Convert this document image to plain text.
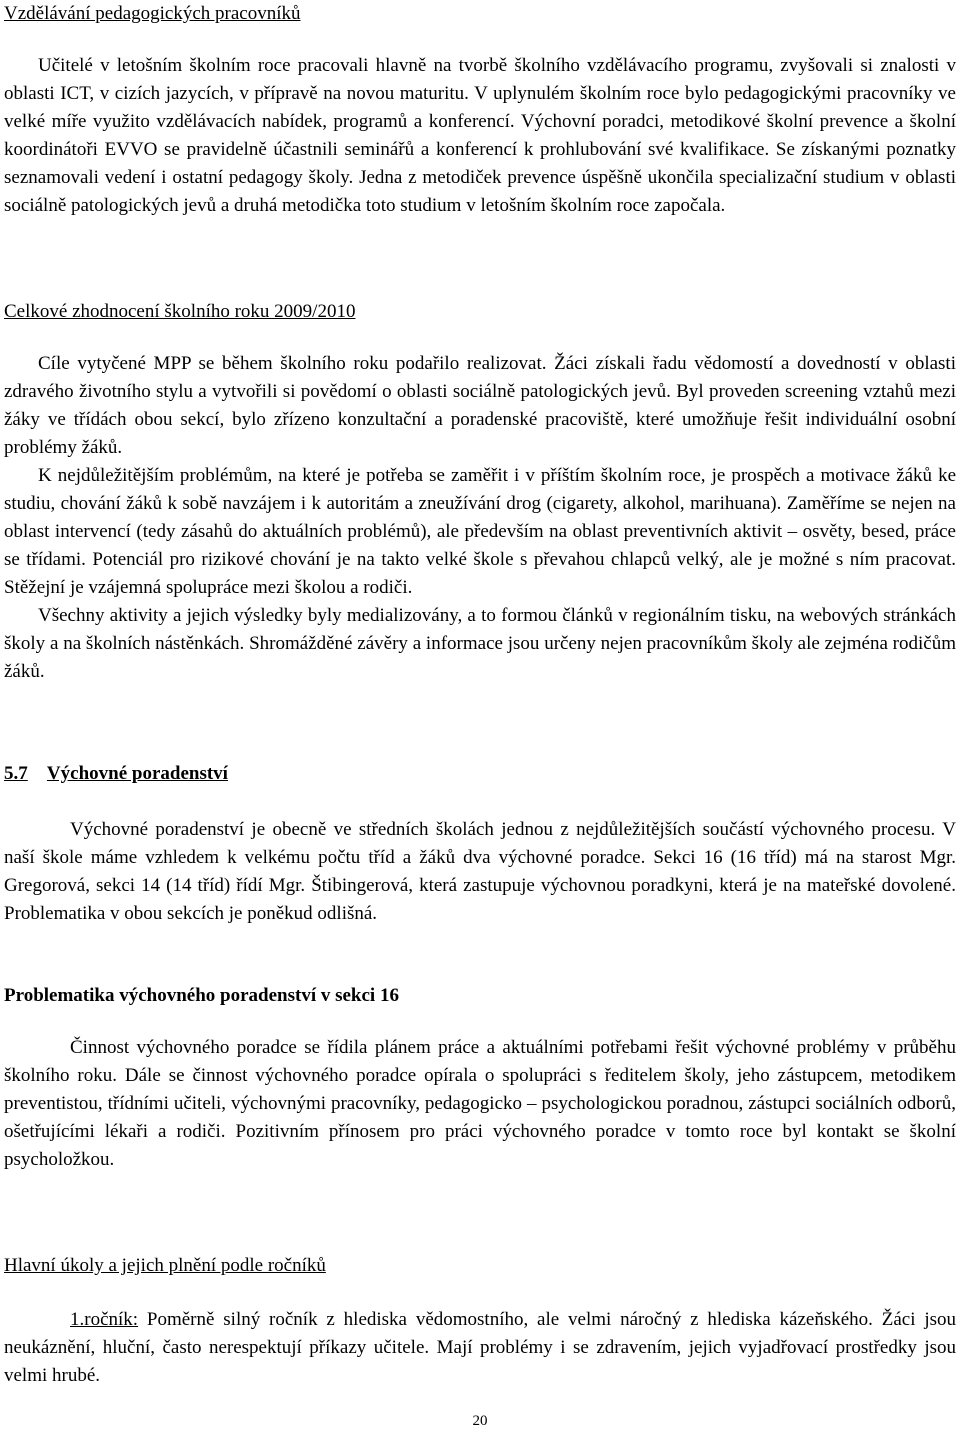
Vzdělávání pedagogických pracovníků

Učitelé v letošním školním roce pracovali hlavně na tvorbě školního vzdělávacího programu, zvyšovali si znalosti v oblasti ICT, v cizích jazycích, v přípravě na novou maturitu. V uplynulém školním roce bylo pedagogickými pracovníky ve velké míře využito vzdělávacích nabídek, programů a konferencí. Výchovní poradci, metodikové školní prevence a školní koordinátoři EVVO se pravidelně účastnili seminářů a konferencí k prohlubování své kvalifikace. Se získanými poznatky seznamovali vedení i ostatní pedagogy školy. Jedna z metodiček prevence úspěšně ukončila specializační studium v oblasti sociálně patologických jevů a druhá metodička toto studium v letošním školním roce započala.

Celkové zhodnocení školního roku 2009/2010

Cíle vytyčené MPP se během školního roku podařilo realizovat. Žáci získali řadu vědomostí a dovedností v oblasti zdravého životního stylu a vytvořili si povědomí o oblasti sociálně patologických jevů. Byl proveden screening vztahů mezi žáky ve třídách obou sekcí, bylo zřízeno konzultační a poradenské pracoviště, které umožňuje řešit individuální osobní problémy žáků.

K nejdůležitějším problémům, na které je potřeba se zaměřit i v příštím školním roce, je prospěch a motivace žáků ke studiu, chování žáků k sobě navzájem i k autoritám a zneužívání drog (cigarety, alkohol, marihuana). Zaměříme se nejen na oblast intervencí (tedy zásahů do aktuálních problémů), ale především na oblast preventivních aktivit – osvěty, besed, práce se třídami. Potenciál pro rizikové chování je na takto velké škole s převahou chlapců velký, ale je možné s ním pracovat. Stěžejní je vzájemná spolupráce mezi školou a rodiči.

Všechny aktivity a jejich výsledky byly medializovány, a to formou článků v regionálním tisku, na webových stránkách školy a na školních nástěnkách. Shromážděné závěry a informace jsou určeny nejen pracovníkům školy ale zejména rodičům žáků.

5.7 Výchovné poradenství

Výchovné poradenství je obecně ve středních školách jednou z nejdůležitějších součástí výchovného procesu. V naší škole máme vzhledem k velkému počtu tříd a žáků dva výchovné poradce. Sekci 16 (16 tříd) má na starost Mgr. Gregorová, sekci 14 (14 tříd) řídí Mgr. Štibingerová, která zastupuje výchovnou poradkyni, která je na mateřské dovolené. Problematika v obou sekcích je poněkud odlišná.

Problematika výchovného poradenství v sekci 16

Činnost výchovného poradce se řídila plánem práce a aktuálními potřebami řešit výchovné problémy v průběhu školního roku. Dále se činnost výchovného poradce opírala o spolupráci s ředitelem školy, jeho zástupcem, metodikem preventistou, třídními učiteli, výchovnými pracovníky, pedagogicko – psychologickou poradnou, zástupci sociálních odborů, ošetřujícími lékaři a rodiči. Pozitivním přínosem pro práci výchovného poradce v tomto roce byl kontakt se školní psycholožkou.

Hlavní úkoly a jejich plnění podle ročníků

1.ročník: Poměrně silný ročník z hlediska vědomostního, ale velmi náročný z hlediska kázeňského. Žáci jsou neukáznění, hluční, často nerespektují příkazy učitele. Mají problémy i se zdravením, jejich vyjadřovací prostředky jsou velmi hrubé.

20
